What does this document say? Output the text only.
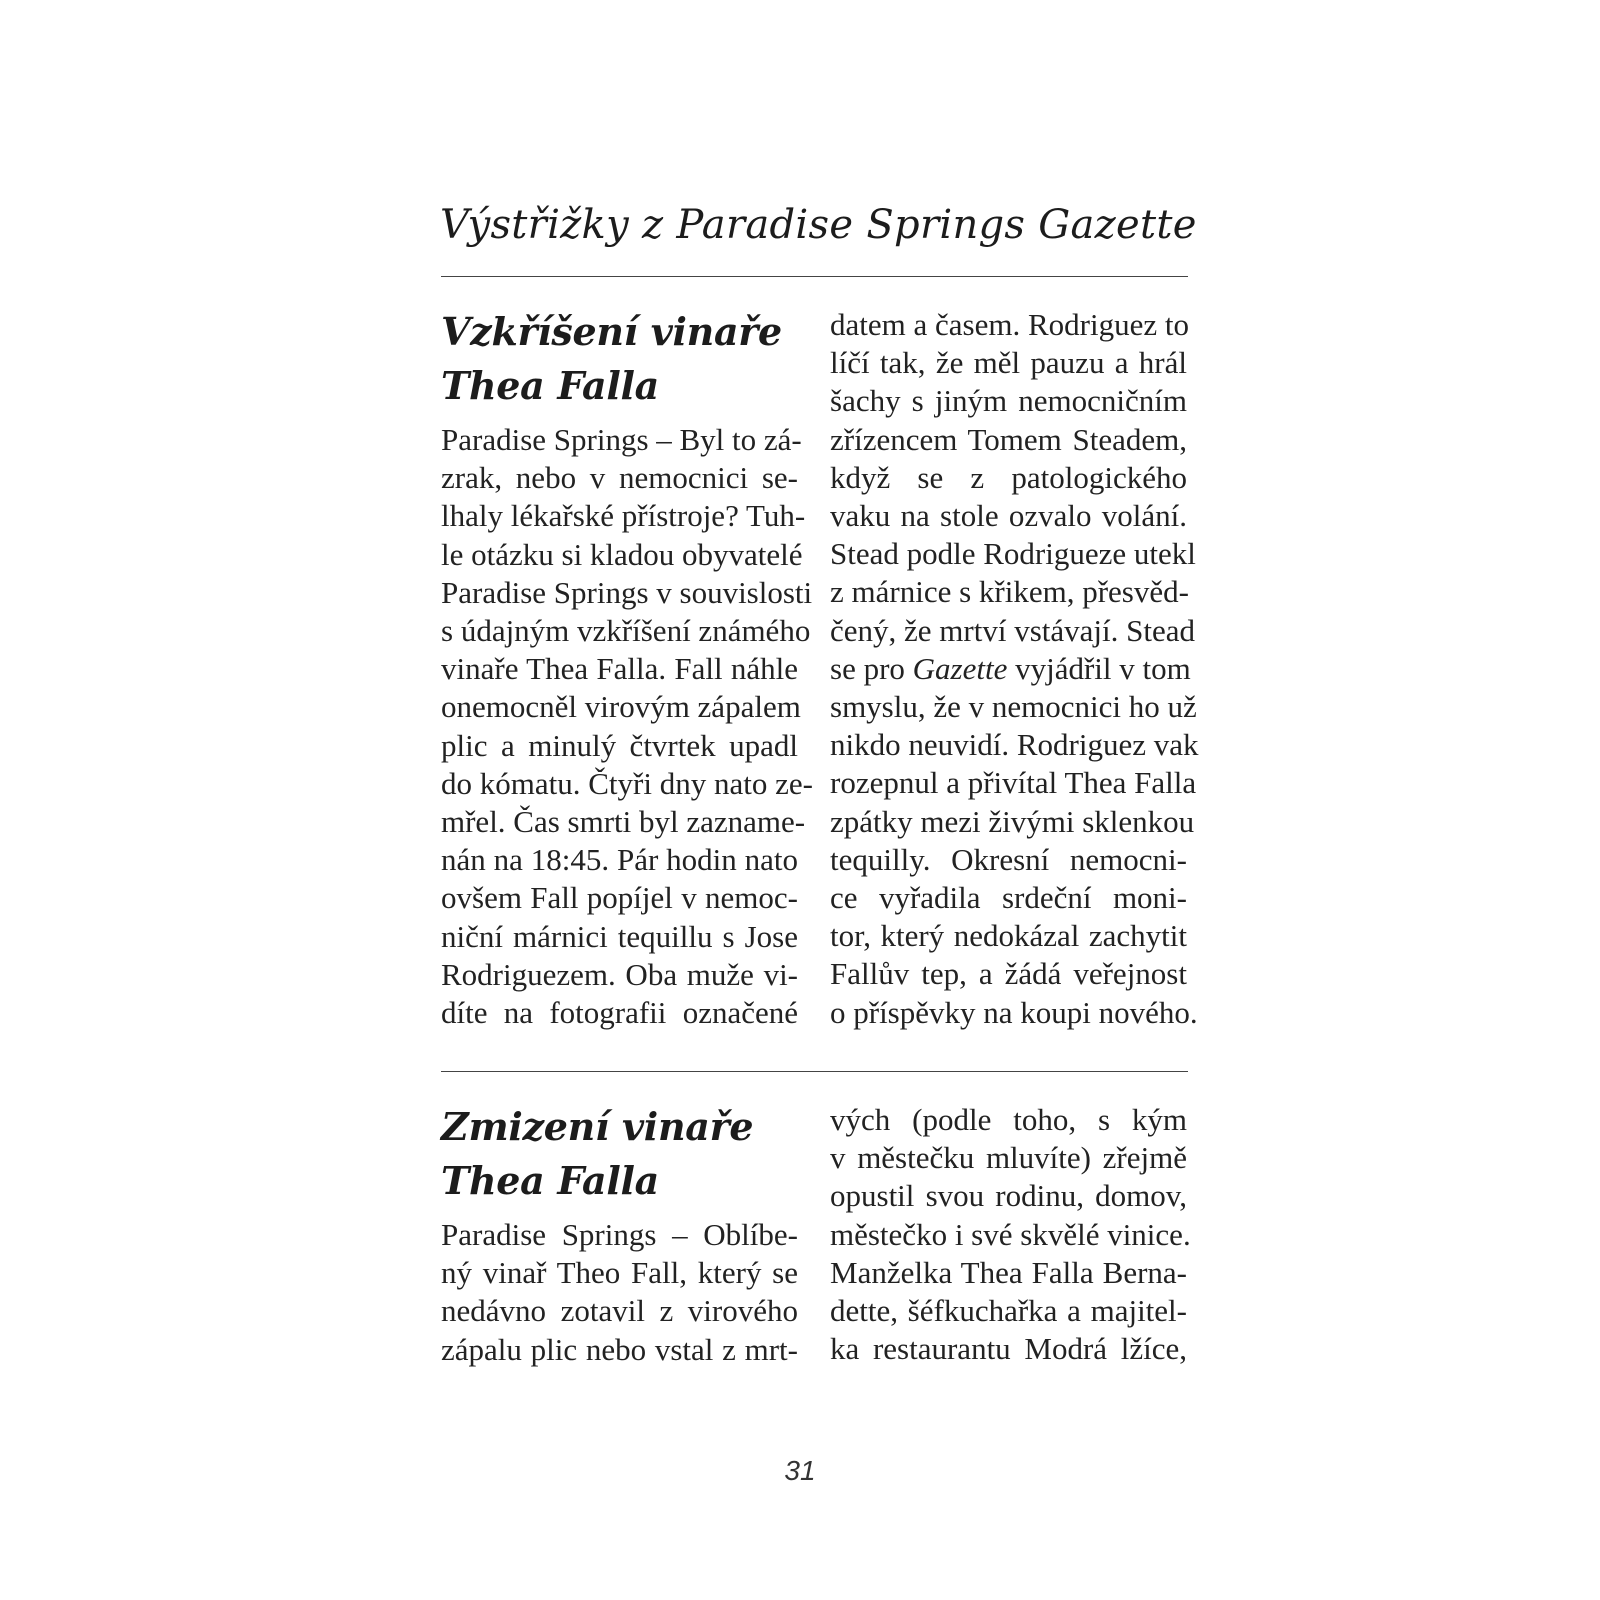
Výstřižky z Paradise Springs Gazette
Vzkříšení vinaře
Thea Falla
Paradise Springs – Byl to zá-
zrak, nebo v nemocnici se-
lhaly lékařské přístroje? Tuh-
le otázku si kladou obyvatelé
Paradise Springs v souvislosti
s údajným vzkříšení známého
vinaře Thea Falla. Fall náhle
onemocněl virovým zápalem
plic a minulý čtvrtek upadl
do kómatu. Čtyři dny nato ze-
mřel. Čas smrti byl zazname-
nán na 18:45. Pár hodin nato
ovšem Fall popíjel v nemoc-
niční márnici tequillu s Jose
Rodriguezem. Oba muže vi-
díte na fotografii označené
datem a časem. Rodriguez to
líčí tak, že měl pauzu a hrál
šachy s jiným nemocničním
zřízencem Tomem Steadem,
když se z patologického
vaku na stole ozvalo volání.
Stead podle Rodrigueze utekl
z márnice s křikem, přesvěd-
čený, že mrtví vstávají. Stead
se pro Gazette vyjádřil v tom
smyslu, že v nemocnici ho už
nikdo neuvidí. Rodriguez vak
rozepnul a přivítal Thea Falla
zpátky mezi živými sklenkou
tequilly. Okresní nemocni-
ce vyřadila srdeční moni-
tor, který nedokázal zachytit
Fallův tep, a žádá veřejnost
o příspěvky na koupi nového.
Zmizení vinaře
Thea Falla
Paradise Springs – Oblíbe-
ný vinař Theo Fall, který se
nedávno zotavil z virového
zápalu plic nebo vstal z mrt-
vých (podle toho, s kým
v městečku mluvíte) zřejmě
opustil svou rodinu, domov,
městečko i své skvělé vinice.
Manželka Thea Falla Berna-
dette, šéfkuchařka a majitel-
ka restaurantu Modrá lžíce,
31
